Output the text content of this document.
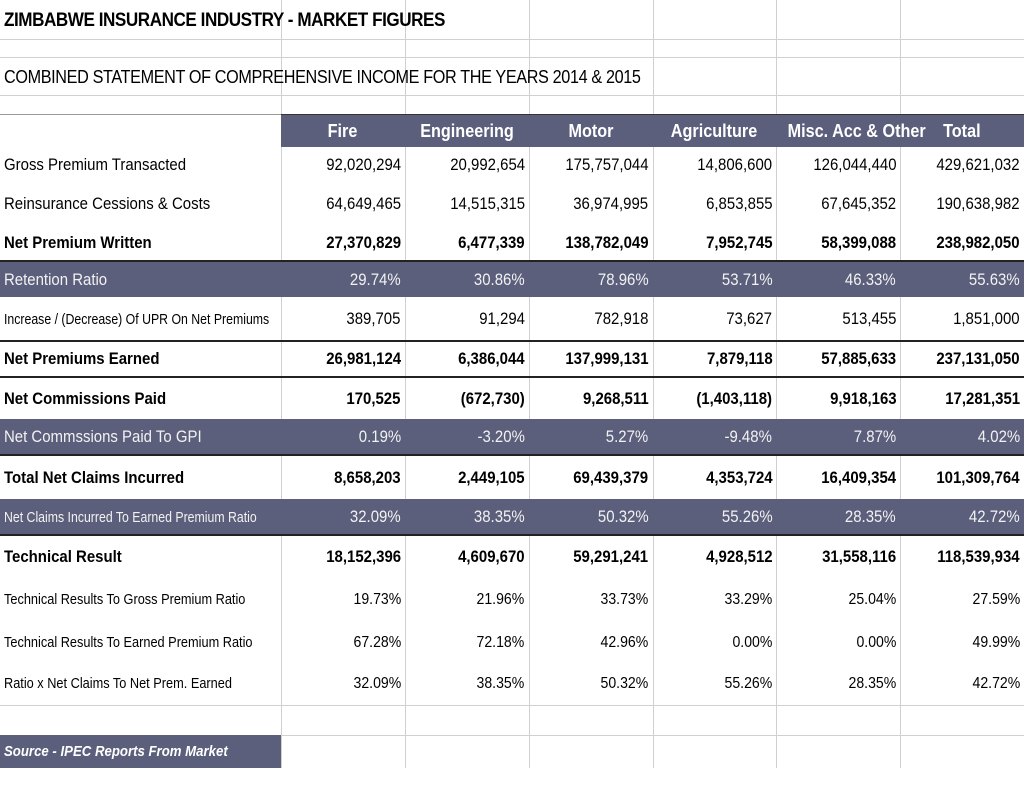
ZIMBABWE INSURANCE INDUSTRY - MARKET FIGURES
COMBINED STATEMENT OF COMPREHENSIVE INCOME FOR THE YEARS 2014 & 2015
	Fire	Engineering	Motor	Agriculture	Misc. Acc & Other	Total
Gross Premium Transacted	92,020,294	20,992,654	175,757,044	14,806,600	126,044,440	429,621,032
Reinsurance Cessions & Costs	64,649,465	14,515,315	36,974,995	6,853,855	67,645,352	190,638,982
Net Premium Written	27,370,829	6,477,339	138,782,049	7,952,745	58,399,088	238,982,050
Retention Ratio	29.74%	30.86%	78.96%	53.71%	46.33%	55.63%
Increase / (Decrease) Of UPR On Net Premiums	389,705	91,294	782,918	73,627	513,455	1,851,000
Net Premiums Earned	26,981,124	6,386,044	137,999,131	7,879,118	57,885,633	237,131,050
Net Commissions Paid	170,525	(672,730)	9,268,511	(1,403,118)	9,918,163	17,281,351
Net Commssions Paid To GPI	0.19%	-3.20%	5.27%	-9.48%	7.87%	4.02%
Total Net Claims Incurred	8,658,203	2,449,105	69,439,379	4,353,724	16,409,354	101,309,764
Net Claims Incurred To Earned Premium Ratio	32.09%	38.35%	50.32%	55.26%	28.35%	42.72%
Technical Result	18,152,396	4,609,670	59,291,241	4,928,512	31,558,116	118,539,934
Technical Results To Gross Premium Ratio	19.73%	21.96%	33.73%	33.29%	25.04%	27.59%
Technical Results To Earned Premium Ratio	67.28%	72.18%	42.96%	0.00%	0.00%	49.99%
Ratio x Net Claims To Net Prem. Earned	32.09%	38.35%	50.32%	55.26%	28.35%	42.72%
Source - IPEC Reports From Market Returns
